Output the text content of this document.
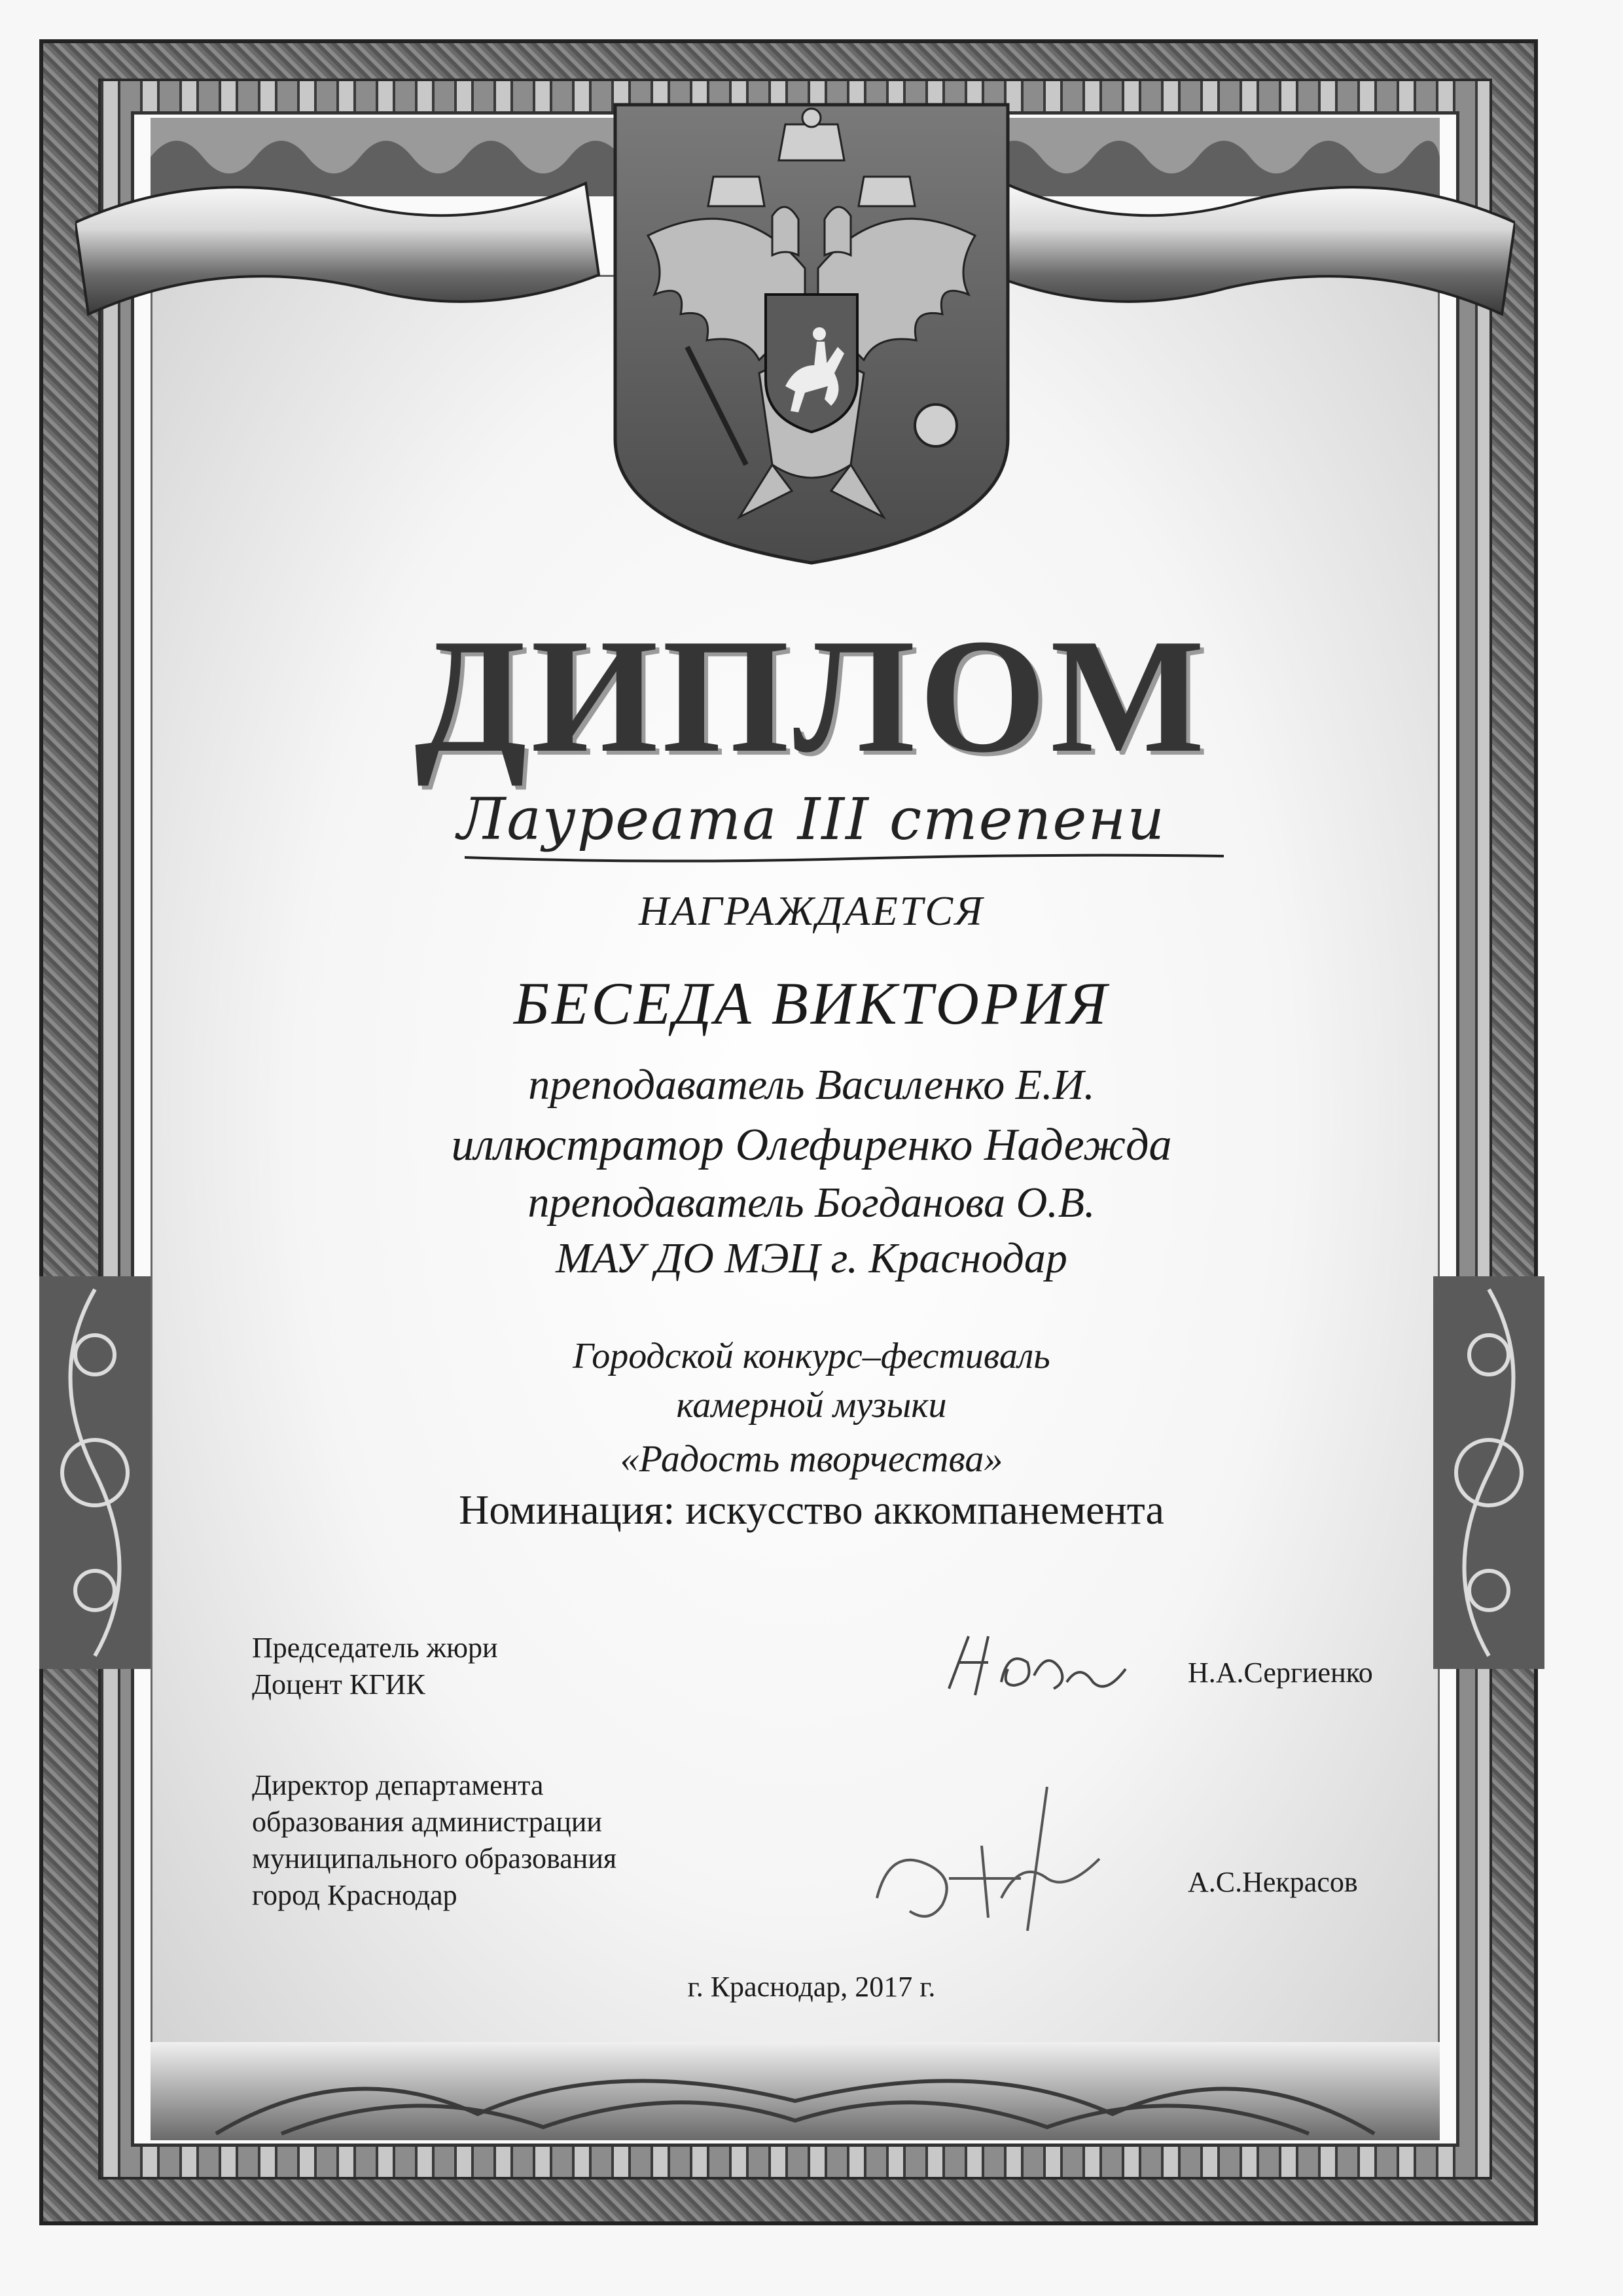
ДИПЛОМ
Лауреата III степени
НАГРАЖДАЕТСЯ
БЕСЕДА ВИКТОРИЯ
преподаватель Василенко Е.И.
иллюстратор Олефиренко Надежда
преподаватель Богданова О.В.
МАУ ДО МЭЦ г. Краснодар
Городской конкурс–фестиваль
камерной музыки
«Радость творчества»
Номинация: искусство аккомпанемента
Председатель жюри
Доцент КГИК	Н.А.Сергиенко
Директор департамента
образования администрации
муниципального образования
город Краснодар	А.С.Некрасов
г. Краснодар, 2017 г.
